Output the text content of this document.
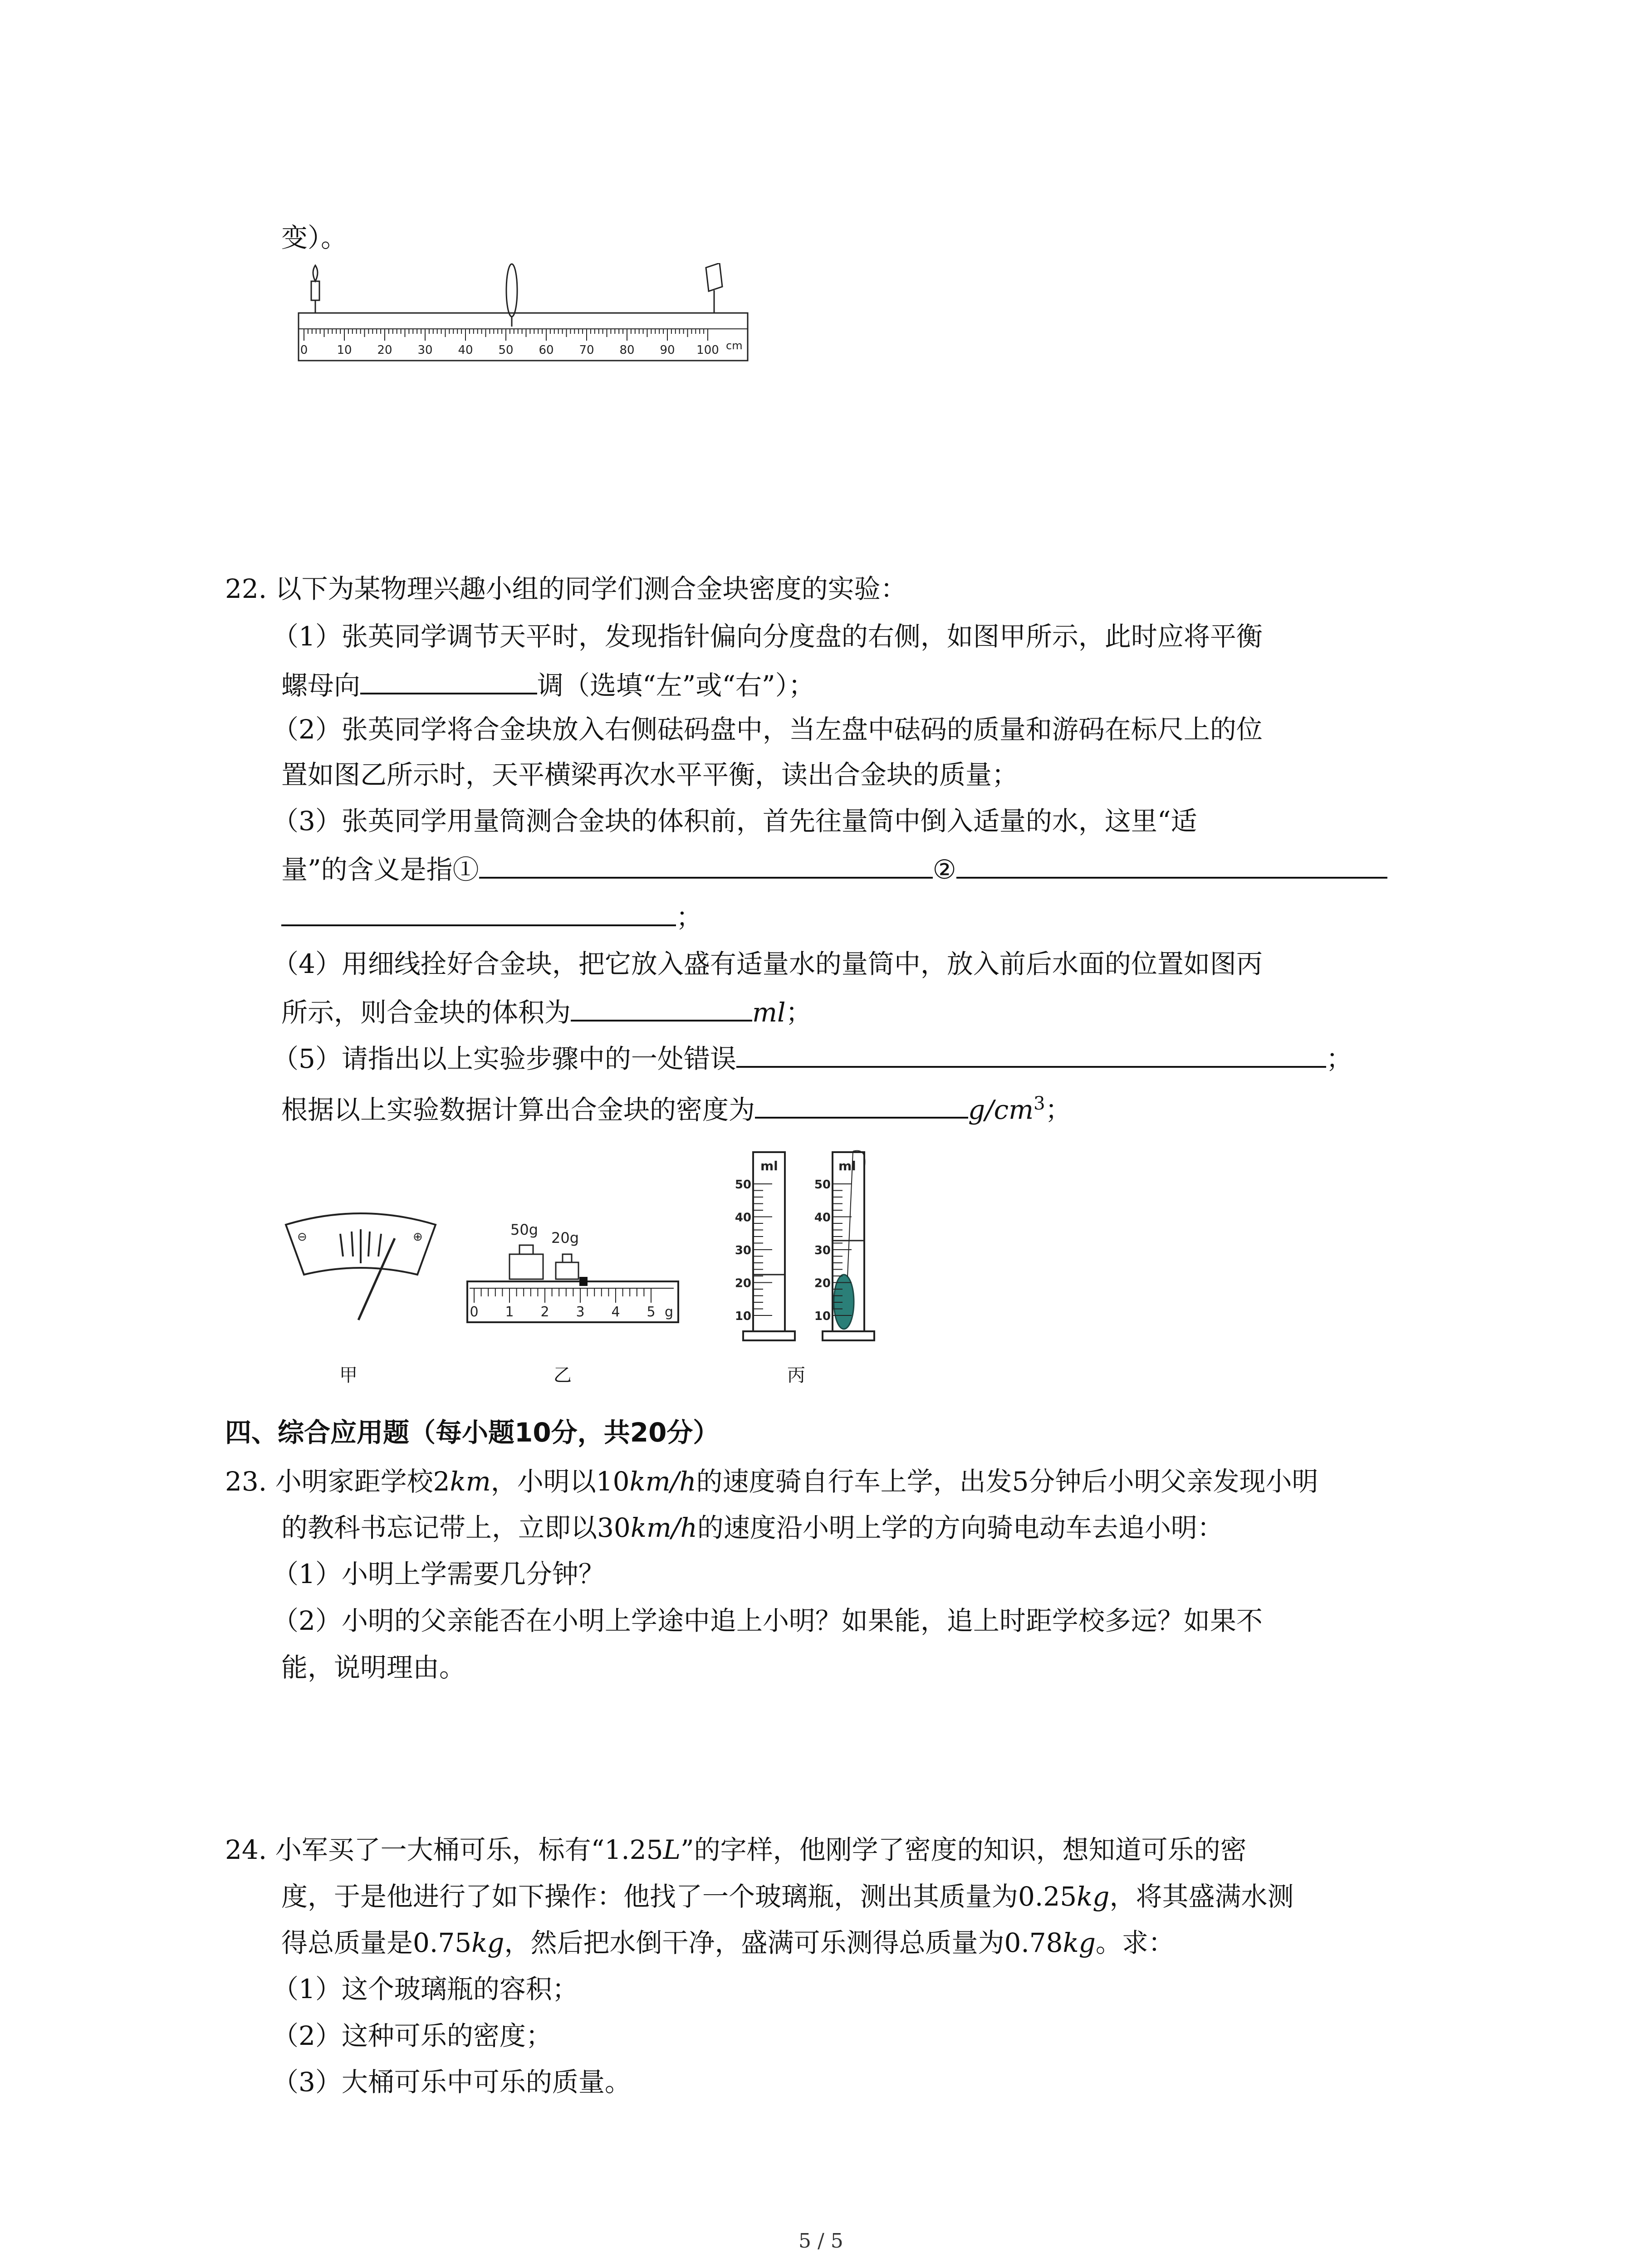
变）。
0 10 20 30 40 50 60 70 80 90 100 cm
22. 以下为某物理兴趣小组的同学们测合金块密度的实验：
（1）张英同学调节天平时，发现指针偏向分度盘的右侧，如图甲所示，此时应将平衡
螺母向	调（选填“左”或“右”）；
（2）张英同学将合金块放入右侧砝码盘中，当左盘中砝码的质量和游码在标尺上的位
置如图乙所示时，天平横梁再次水平平衡，读出合金块的质量；
（3）张英同学用量筒测合金块的体积前，首先往量筒中倒入适量的水，这里“适
量”的含义是指①	②
；
（4）用细线拴好合金块，把它放入盛有适量水的量筒中，放入前后水面的位置如图丙
所示，则合金块的体积为	ml；
（5）请指出以上实验步骤中的一处错误	；
根据以上实验数据计算出合金块的密度为	$g/cm^3$；
⊖	⊕
甲
50g 20g
0 1 2 3 4 5 g
乙
ml
50
40
30
20
10
ml
50
40
30
20
10
丙
四、综合应用题（每小题10分，共20分）
23. 小明家距学校2km，小明以10km/h的速度骑自行车上学，出发5分钟后小明父亲发现小明
的教科书忘记带上，立即以30km/h的速度沿小明上学的方向骑电动车去追小明：
（1）小明上学需要几分钟？
（2）小明的父亲能否在小明上学途中追上小明？如果能，追上时距学校多远？如果不
能，说明理由。
24. 小军买了一大桶可乐，标有“1.25L”的字样，他刚学了密度的知识，想知道可乐的密
度，于是他进行了如下操作：他找了一个玻璃瓶，测出其质量为0.25kg，将其盛满水测
得总质量是0.75kg，然后把水倒干净，盛满可乐测得总质量为0.78kg。求：
（1）这个玻璃瓶的容积；
（2）这种可乐的密度；
（3）大桶可乐中可乐的质量。
5 / 5
